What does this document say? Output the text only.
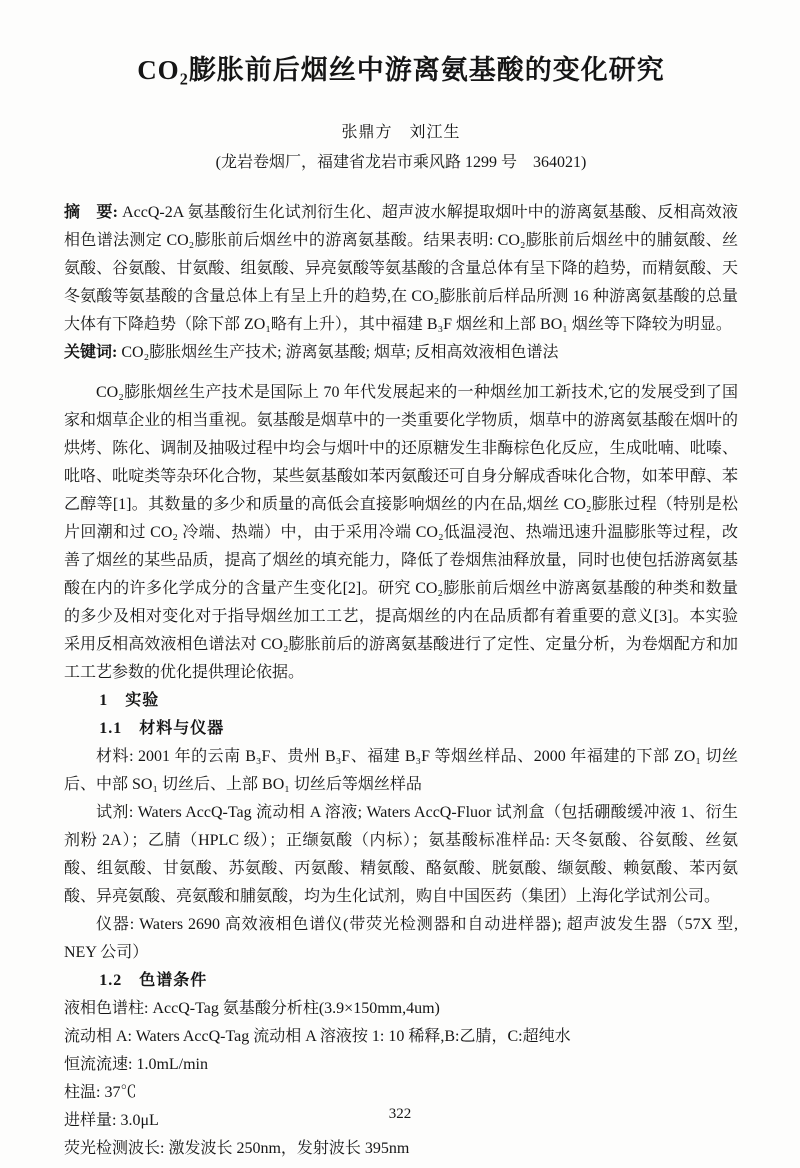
CO₂膨胀前后烟丝中游离氨基酸的变化研究
张鼎方　刘江生
(龙岩卷烟厂，福建省龙岩市乘风路 1299 号　364021)

摘　要: AccQ-2A 氨基酸衍生化试剂衍生化、超声波水解提取烟叶中的游离氨基酸、反相高效液相色谱法测定 CO₂膨胀前后烟丝中的游离氨基酸。结果表明: CO₂膨胀前后烟丝中的脯氨酸、丝氨酸、谷氨酸、甘氨酸、组氨酸、异亮氨酸等氨基酸的含量总体有呈下降的趋势，而精氨酸、天冬氨酸等氨基酸的含量总体上有呈上升的趋势,在 CO₂膨胀前后样品所测 16 种游离氨基酸的总量大体有下降趋势（除下部 ZO₁略有上升），其中福建 B₃F 烟丝和上部 BO₁ 烟丝等下降较为明显。

关键词: CO₂膨胀烟丝生产技术; 游离氨基酸; 烟草; 反相高效液相色谱法

CO₂膨胀烟丝生产技术是国际上 70 年代发展起来的一种烟丝加工新技术,它的发展受到了国家和烟草企业的相当重视。氨基酸是烟草中的一类重要化学物质，烟草中的游离氨基酸在烟叶的烘烤、陈化、调制及抽吸过程中均会与烟叶中的还原糖发生非酶棕色化反应，生成吡喃、吡嗪、吡咯、吡啶类等杂环化合物，某些氨基酸如苯丙氨酸还可自身分解成香味化合物，如苯甲醇、苯乙醇等[1]。其数量的多少和质量的高低会直接影响烟丝的内在品,烟丝 CO₂膨胀过程（特别是松片回潮和过 CO₂ 冷端、热端）中，由于采用冷端 CO₂低温浸泡、热端迅速升温膨胀等过程，改善了烟丝的某些品质，提高了烟丝的填充能力，降低了卷烟焦油释放量，同时也使包括游离氨基酸在内的许多化学成分的含量产生变化[2]。研究 CO₂膨胀前后烟丝中游离氨基酸的种类和数量的多少及相对变化对于指导烟丝加工工艺，提高烟丝的内在品质都有着重要的意义[3]。本实验采用反相高效液相色谱法对 CO₂膨胀前后的游离氨基酸进行了定性、定量分析，为卷烟配方和加工工艺参数的优化提供理论依据。

1　实验
1.1　材料与仪器

材料: 2001 年的云南 B₃F、贵州 B₃F、福建 B₃F 等烟丝样品、2000 年福建的下部 ZO₁ 切丝后、中部 SO₁ 切丝后、上部 BO₁ 切丝后等烟丝样品

试剂: Waters AccQ-Tag 流动相 A 溶液; Waters AccQ-Fluor 试剂盒（包括硼酸缓冲液 1、衍生剂粉 2A）；乙腈（HPLC 级）；正缬氨酸（内标）；氨基酸标准样品: 天冬氨酸、谷氨酸、丝氨酸、组氨酸、甘氨酸、苏氨酸、丙氨酸、精氨酸、酪氨酸、胱氨酸、缬氨酸、赖氨酸、苯丙氨酸、异亮氨酸、亮氨酸和脯氨酸，均为生化试剂，购自中国医药（集团）上海化学试剂公司。

仪器: Waters 2690 高效液相色谱仪(带荧光检测器和自动进样器); 超声波发生器（57X 型, NEY 公司）

1.2　色谱条件
液相色谱柱: AccQ-Tag 氨基酸分析柱(3.9×150mm,4um)
流动相 A: Waters AccQ-Tag 流动相 A 溶液按 1: 10 稀释,B:乙腈，C:超纯水
恒流流速: 1.0mL/min
柱温: 37℃
进样量: 3.0μL
荧光检测波长: 激发波长 250nm，发射波长 395nm
322
